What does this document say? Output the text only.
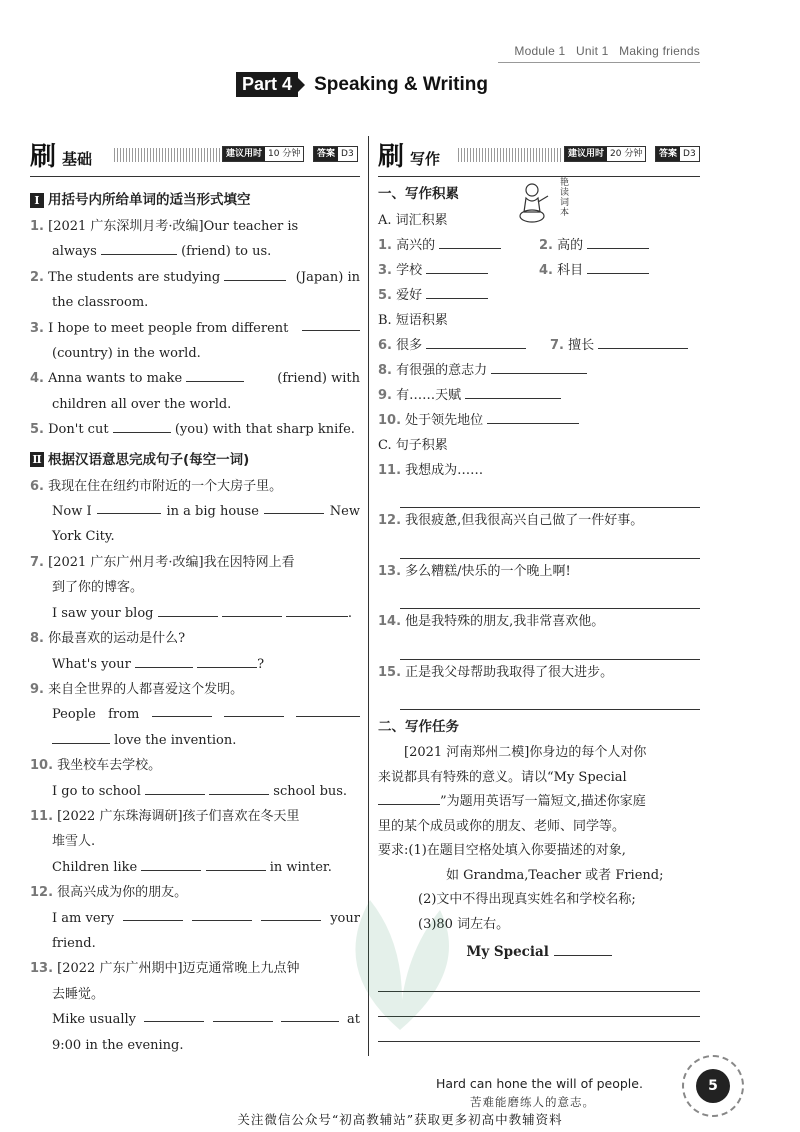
Module 1 Unit 1 Making friends
Part 4 Speaking & Writing
刷 基础	建议用时 10 分钟	答案 D3
Ⅰ 用括号内所给单词的适当形式填空
1. [2021 广东深圳月考·改编]Our teacher is
always	(friend) to us.
2. The students are studying	(Japan) in
the classroom.
3. I hope to meet people from different
(country) in the world.
4. Anna wants to make	(friend) with
children all over the world.
5. Don't cut	(you) with that sharp knife.
Ⅱ 根据汉语意思完成句子(每空一词)
6. 我现在住在纽约市附近的一个大房子里。
Now I	in a big house	New
York City.
7. [2021 广东广州月考·改编]我在因特网上看
到了你的博客。
I saw your blog	.
8. 你最喜欢的运动是什么?
What's your	?
9. 来自全世界的人都喜爱这个发明。
People from
love the invention.
10. 我坐校车去学校。
I go to school	school bus.
11. [2022 广东珠海调研]孩子们喜欢在冬天里
堆雪人.
Children like	in winter.
12. 很高兴成为你的朋友。
I am very	your
friend.
13. [2022 广东广州期中]迈克通常晚上九点钟
去睡觉。
Mike usually	at
9:00 in the evening.
刷 写作	建议用时 20 分钟	答案 D3
一、写作积累
A. 词汇积累
1. 高兴的	2. 高的
3. 学校	4. 科目
5. 爱好
B. 短语积累
6. 很多	7. 擅长
8. 有很强的意志力
9. 有……天赋
10. 处于领先地位
C. 句子积累
11. 我想成为……
12. 我很疲惫,但我很高兴自己做了一件好事。
13. 多么糟糕/快乐的一个晚上啊!
14. 他是我特殊的朋友,我非常喜欢他。
15. 正是我父母帮助我取得了很大进步。
二、写作任务
[2021 河南郑州二模]你身边的每个人对你
来说都具有特殊的意义。请以“My Special
”为题用英语写一篇短文,描述你家庭
里的某个成员或你的朋友、老师、同学等。
要求:(1)在题目空格处填入你要描述的对象,
如 Grandma,Teacher 或者 Friend;
(2)文中不得出现真实姓名和学校名称;
(3)80 词左右。
My Special
艳
读
词
本
Hard can hone the will of people.
苦难能磨练人的意志。
5
关注微信公众号“初高教辅站”获取更多初高中教辅资料
